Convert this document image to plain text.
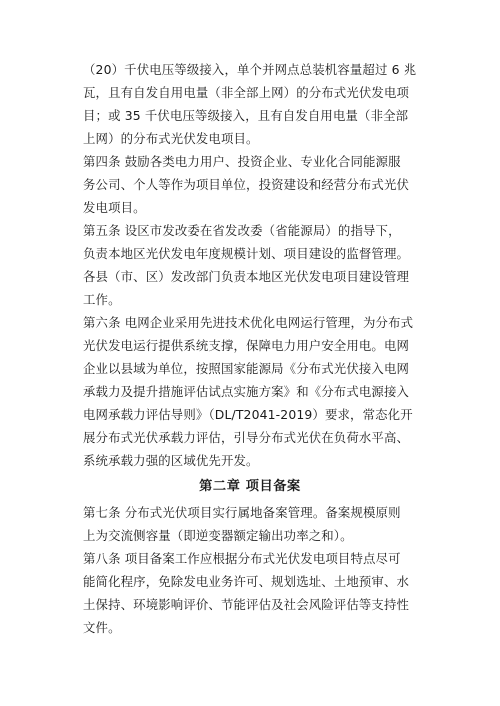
（20）千伏电压等级接入，单个并网点总装机容量超过 6 兆
瓦，且有自发自用电量（非全部上网）的分布式光伏发电项
目；或 35 千伏电压等级接入，且有自发自用电量（非全部
上网）的分布式光伏发电项目。
第四条 鼓励各类电力用户、投资企业、专业化合同能源服
务公司、个人等作为项目单位，投资建设和经营分布式光伏
发电项目。
第五条 设区市发改委在省发改委（省能源局）的指导下，
负责本地区光伏发电年度规模计划、项目建设的监督管理。
各县（市、区）发改部门负责本地区光伏发电项目建设管理
工作。
第六条 电网企业采用先进技术优化电网运行管理，为分布式
光伏发电运行提供系统支撑，保障电力用户安全用电。电网
企业以县域为单位，按照国家能源局《分布式光伏接入电网
承载力及提升措施评估试点实施方案》和《分布式电源接入
电网承载力评估导则》（DL/T2041-2019）要求，常态化开
展分布式光伏承载力评估，引导分布式光伏在负荷水平高、
系统承载力强的区域优先开发。
第二章 项目备案
第七条 分布式光伏项目实行属地备案管理。备案规模原则
上为交流侧容量（即逆变器额定输出功率之和）。
第八条 项目备案工作应根据分布式光伏发电项目特点尽可
能简化程序，免除发电业务许可、规划选址、土地预审、水
土保持、环境影响评价、节能评估及社会风险评估等支持性
文件。
